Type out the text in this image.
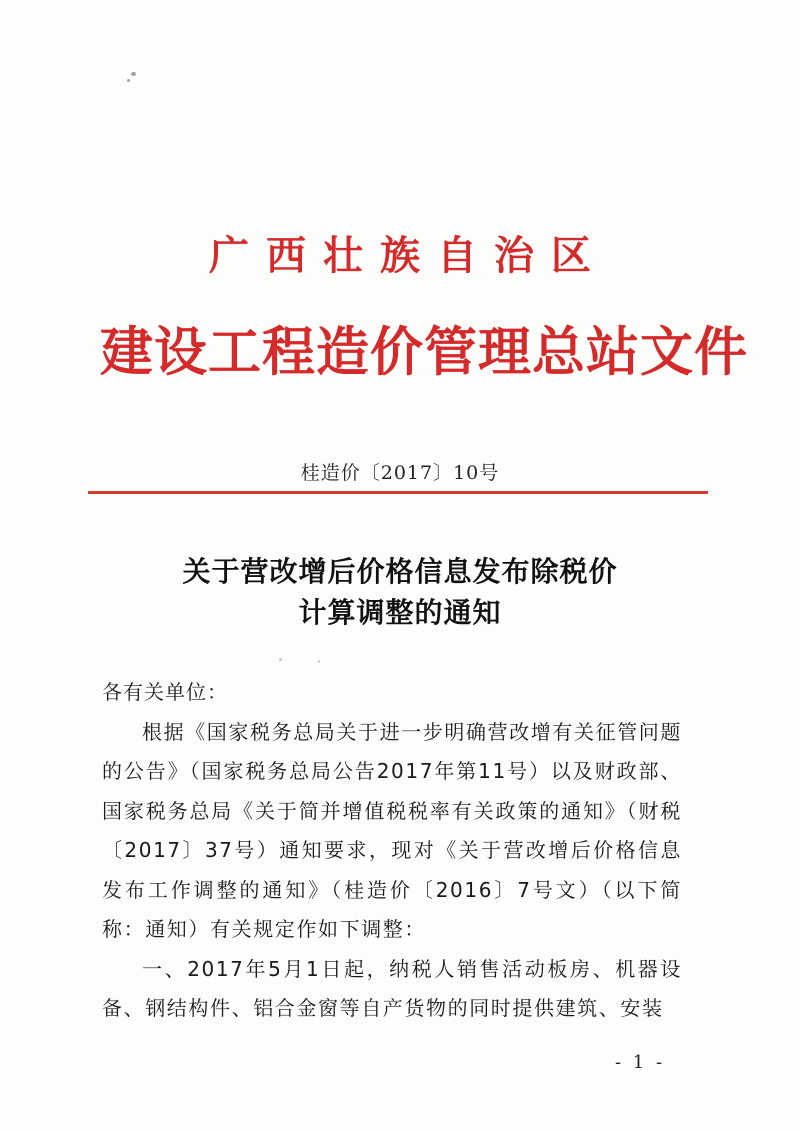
广西壮族自治区
建设工程造价管理总站文件
桂造价〔2017〕10号
关于营改增后价格信息发布除税价
计算调整的通知

各有关单位：

根据《国家税务总局关于进一步明确营改增有关征管问题的公告》（国家税务总局公告2017年第11号）以及财政部、国家税务总局《关于简并增值税税率有关政策的通知》（财税〔2017〕37号）通知要求，现对《关于营改增后价格信息发布工作调整的通知》（桂造价〔2016〕7号文）（以下简称：通知）有关规定作如下调整：

一、2017年5月1日起，纳税人销售活动板房、机器设备、钢结构件、铝合金窗等自产货物的同时提供建筑、安装

- 1 -
